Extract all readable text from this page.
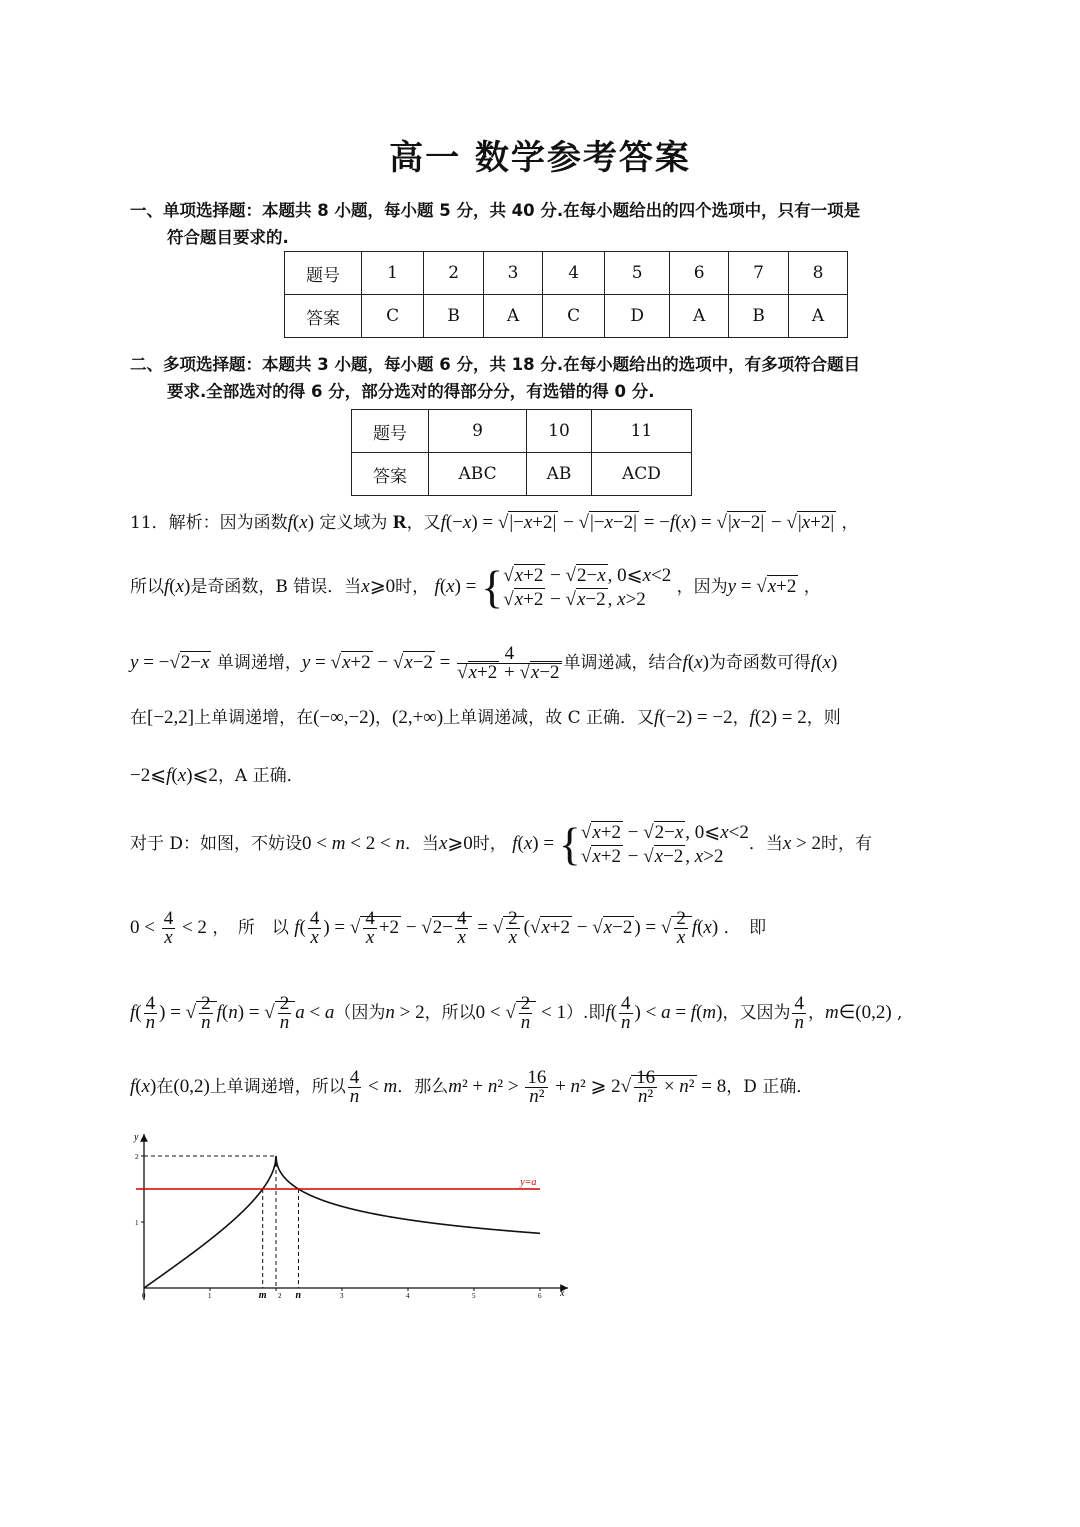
高一 数学参考答案
一、单项选择题：本题共 8 小题，每小题 5 分，共 40 分.在每小题给出的四个选项中，只有一项是
符合题目要求的.
题号	1	2	3	4	5	6	7	8
答案	C	B	A	C	D	A	B	A
二、多项选择题：本题共 3 小题，每小题 6 分，共 18 分.在每小题给出的选项中，有多项符合题目
要求.全部选对的得 6 分，部分选对的得部分分，有选错的得 0 分.
题号	9	10	11
答案	ABC	AB	ACD
11．解析：因为函数f(x) 定义域为 R，又f(−x) = √|−x+2| − √|−x−2| = −f(x) = √|x−2| − √|x+2| ，
所以f(x)是奇函数，B 错误．当x⩾0时， f(x) = {√x+2 − √2−x , 0⩽x<2
√x+2 − √x−2 , x>2 ，因为y = √x+2 ，
y = −√2−x 单调递增，$y = √x+2 - √x-2 = \frac{4}{√x+2 + √x-2}$ 单调递减，结合f(x)为奇函数可得f(x)
在[−2,2]上单调递增，在(−∞,−2)，(2,+∞)上单调递减，故 C 正确．又f(−2) = −2，f(2) = 2，则
−2⩽f(x)⩽2，A 正确．
对于 D：如图，不妨设0 < m < 2 < n．当x⩾0时， f(x) = {√x+2 − √2−x , 0⩽x<2
√x+2 − √x−2 , x>2．当x > 2时，有
$0 < \frac{4}{x} < 2$ ，　所　以 $f( \frac{4}{x}$ ) = √ $\frac{4}{x} +2 - √2- \frac{4}{x}$ = √ $\frac{2}{x} (√x+2 - √x-2$ ) = √ $\frac{2}{x} f(x)$ ．　即
$f( \frac{4}{n}$ ) = √ $\frac{2}{n} f(n)$ = √ $\frac{2}{n}$ a < a（因为n > 2，所以0 < √ $\frac{2}{n} < 1$）.即$f( \frac{4}{n}$ ) < a = f(m)，又因为 $\frac{4}{n}$ ，m∈(0,2) ,
f(x)在(0,2)上单调递增，所以 $\frac{4}{n} < m$．那么$m^2 + n^2 > \frac{16}{\text{n²}} + n^2$ ⩾ $2√ \frac{16}{\text{n²}} \times n^2 = 8$，D 正确．
y
x
0	1	2	3	4	5	6
1
2
y=a
m	n
